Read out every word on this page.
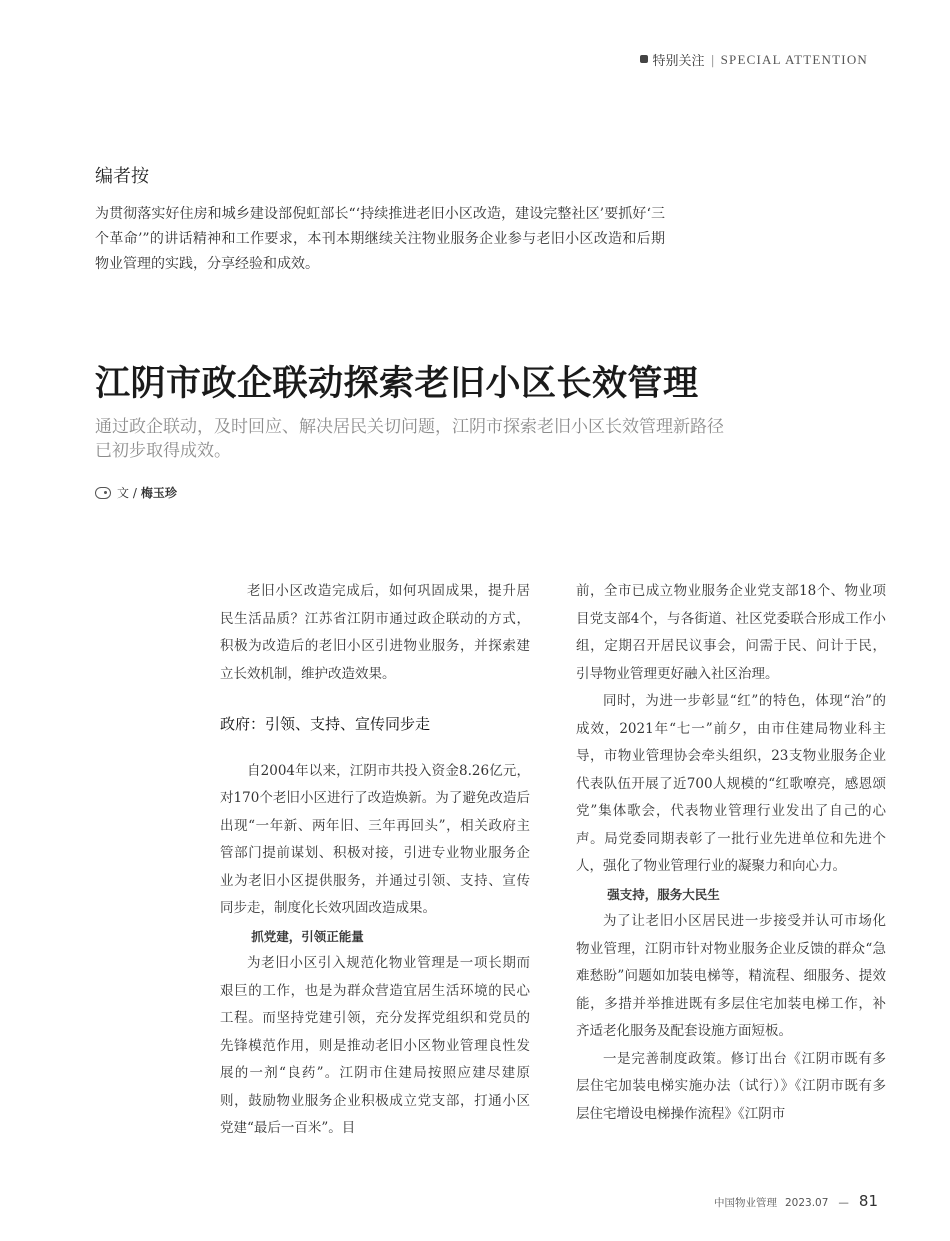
特别关注 | SPECIAL ATTENTION
编者按

为贯彻落实好住房和城乡建设部倪虹部长“‘持续推进老旧小区改造，建设完整社区’要抓好‘三个革命’”的讲话精神和工作要求，本刊本期继续关注物业服务企业参与老旧小区改造和后期物业管理的实践，分享经验和成效。

江阴市政企联动探索老旧小区长效管理

通过政企联动，及时回应、解决居民关切问题，江阴市探索老旧小区长效管理新路径已初步取得成效。

文 / 梅玉珍

老旧小区改造完成后，如何巩固成果，提升居民生活品质？江苏省江阴市通过政企联动的方式，积极为改造后的老旧小区引进物业服务，并探索建立长效机制，维护改造效果。

政府：引领、支持、宣传同步走

自2004年以来，江阴市共投入资金8.26亿元，对170个老旧小区进行了改造焕新。为了避免改造后出现“一年新、两年旧、三年再回头”，相关政府主管部门提前谋划、积极对接，引进专业物业服务企业为老旧小区提供服务，并通过引领、支持、宣传同步走，制度化长效巩固改造成果。

抓党建，引领正能量

为老旧小区引入规范化物业管理是一项长期而艰巨的工作，也是为群众营造宜居生活环境的民心工程。而坚持党建引领，充分发挥党组织和党员的先锋模范作用，则是推动老旧小区物业管理良性发展的一剂“良药”。江阴市住建局按照应建尽建原则，鼓励物业服务企业积极成立党支部，打通小区党建“最后一百米”。目

前，全市已成立物业服务企业党支部18个、物业项目党支部4个，与各街道、社区党委联合形成工作小组，定期召开居民议事会，问需于民、问计于民，引导物业管理更好融入社区治理。

同时，为进一步彰显“红”的特色，体现“治”的成效，2021年“七一”前夕，由市住建局物业科主导，市物业管理协会牵头组织，23支物业服务企业代表队伍开展了近700人规模的“红歌嘹亮，感恩颂党”集体歌会，代表物业管理行业发出了自己的心声。局党委同期表彰了一批行业先进单位和先进个人，强化了物业管理行业的凝聚力和向心力。

强支持，服务大民生

为了让老旧小区居民进一步接受并认可市场化物业管理，江阴市针对物业服务企业反馈的群众“急难愁盼”问题如加装电梯等，精流程、细服务、提效能，多措并举推进既有多层住宅加装电梯工作，补齐适老化服务及配套设施方面短板。

一是完善制度政策。修订出台《江阴市既有多层住宅加装电梯实施办法（试行）》《江阴市既有多层住宅增设电梯操作流程》《江阴市

中国物业管理 2023.07 — 81
